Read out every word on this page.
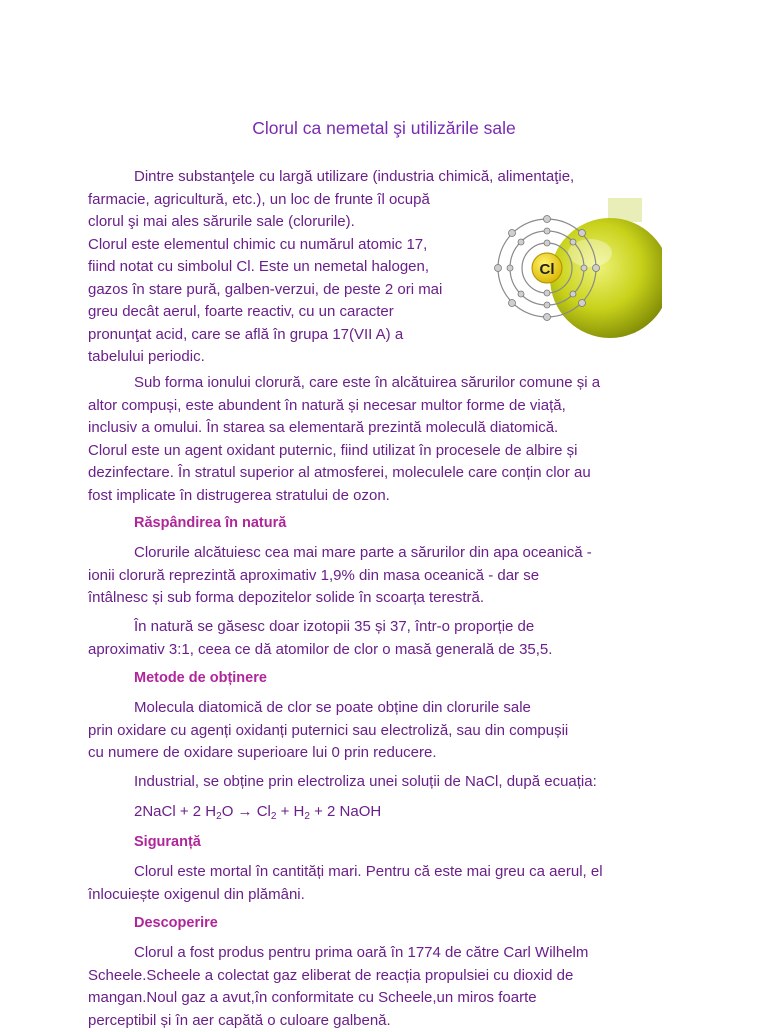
Clorul ca nemetal şi utilizările sale
Dintre substanţele cu largă utilizare (industria chimică, alimentaţie,
farmacie, agricultură, etc.), un loc de frunte îl ocupă
clorul şi mai ales sărurile sale (clorurile).
Clorul este elementul chimic cu numărul atomic 17,
fiind notat cu simbolul Cl. Este un nemetal halogen,
gazos în stare pură, galben-verzui, de peste 2 ori mai
greu decât aerul, foarte reactiv, cu un caracter
pronunţat acid, care se află în grupa 17(VII A) a
tabelului periodic.
Cl
Sub forma ionului clorură, care este în alcătuirea sărurilor comune și a
altor compuși, este abundent în natură și necesar multor forme de viață,
inclusiv a omului. În starea sa elementară prezintă moleculă diatomică.
Clorul este un agent oxidant puternic, fiind utilizat în procesele de albire și
dezinfectare. În stratul superior al atmosferei, moleculele care conțin clor au
fost implicate în distrugerea stratului de ozon.
Răspândirea în natură
Clorurile alcătuiesc cea mai mare parte a sărurilor din apa oceanică -
ionii clorură reprezintă aproximativ 1,9% din masa oceanică - dar se
întâlnesc și sub forma depozitelor solide în scoarța terestră.
În natură se găsesc doar izotopii 35 și 37, într-o proporție de
aproximativ 3:1, ceea ce dă atomilor de clor o masă generală de 35,5.
Metode de obținere
Molecula diatomică de clor se poate obține din clorurile sale
prin oxidare cu agenți oxidanți puternici sau electroliză, sau din compușii
cu numere de oxidare superioare lui 0 prin reducere.
Industrial, se obține prin electroliza unei soluții de NaCl, după ecuația:
2NaCl + 2 $H_2O \to Cl_2 + H_2 + 2$ NaOH
Siguranță
Clorul este mortal în cantități mari. Pentru că este mai greu ca aerul, el
înlocuiește oxigenul din plămâni.
Descoperire
Clorul a fost produs pentru prima oară în 1774 de către Carl Wilhelm
Scheele.Scheele a colectat gaz eliberat de reacția propulsiei cu dioxid de
mangan.Noul gaz a avut,în conformitate cu Scheele,un miros foarte
perceptibil și în aer capătă o culoare galbenă.
